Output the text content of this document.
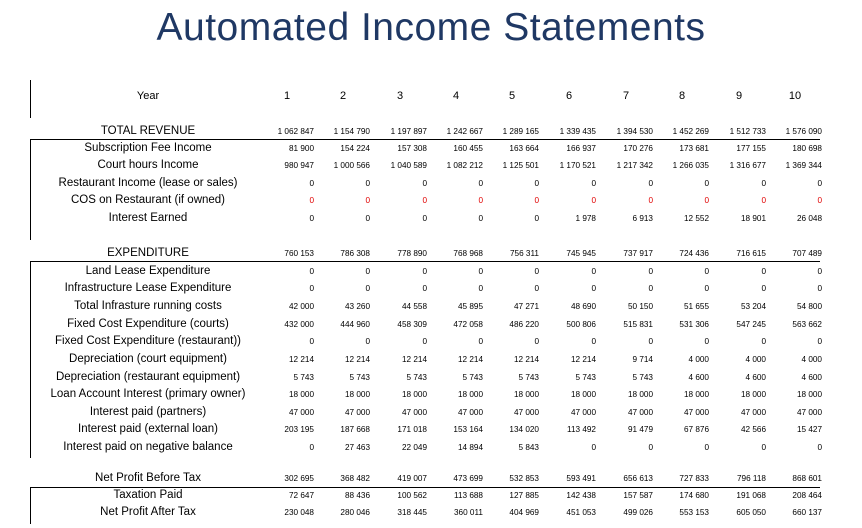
Automated Income Statements
Year	1	2	3	4	5	6	7	8	9	10
TOTAL REVENUE	1 062 847	1 154 790	1 197 897	1 242 667	1 289 165	1 339 435	1 394 530	1 452 269	1 512 733	1 576 090
Subscription Fee Income	81 900	154 224	157 308	160 455	163 664	166 937	170 276	173 681	177 155	180 698
Court hours Income	980 947	1 000 566	1 040 589	1 082 212	1 125 501	1 170 521	1 217 342	1 266 035	1 316 677	1 369 344
Restaurant Income (lease or sales)	0	0	0	0	0	0	0	0	0	0
COS on Restaurant (if owned)	0	0	0	0	0	0	0	0	0	0
Interest Earned	0	0	0	0	0	1 978	6 913	12 552	18 901	26 048
EXPENDITURE	760 153	786 308	778 890	768 968	756 311	745 945	737 917	724 436	716 615	707 489
Land Lease Expenditure	0	0	0	0	0	0	0	0	0	0
Infrastructure Lease Expenditure	0	0	0	0	0	0	0	0	0	0
Total Infrasture running costs	42 000	43 260	44 558	45 895	47 271	48 690	50 150	51 655	53 204	54 800
Fixed Cost Expenditure (courts)	432 000	444 960	458 309	472 058	486 220	500 806	515 831	531 306	547 245	563 662
Fixed Cost Expenditure (restaurant))	0	0	0	0	0	0	0	0	0	0
Depreciation (court equipment)	12 214	12 214	12 214	12 214	12 214	12 214	9 714	4 000	4 000	4 000
Depreciation (restaurant equipment)	5 743	5 743	5 743	5 743	5 743	5 743	5 743	4 600	4 600	4 600
Loan Account Interest (primary owner)	18 000	18 000	18 000	18 000	18 000	18 000	18 000	18 000	18 000	18 000
Interest paid (partners)	47 000	47 000	47 000	47 000	47 000	47 000	47 000	47 000	47 000	47 000
Interest paid (external loan)	203 195	187 668	171 018	153 164	134 020	113 492	91 479	67 876	42 566	15 427
Interest paid on negative balance	0	27 463	22 049	14 894	5 843	0	0	0	0	0
Net Profit Before Tax	302 695	368 482	419 007	473 699	532 853	593 491	656 613	727 833	796 118	868 601
Taxation Paid	72 647	88 436	100 562	113 688	127 885	142 438	157 587	174 680	191 068	208 464
Net Profit After Tax	230 048	280 046	318 445	360 011	404 969	451 053	499 026	553 153	605 050	660 137
